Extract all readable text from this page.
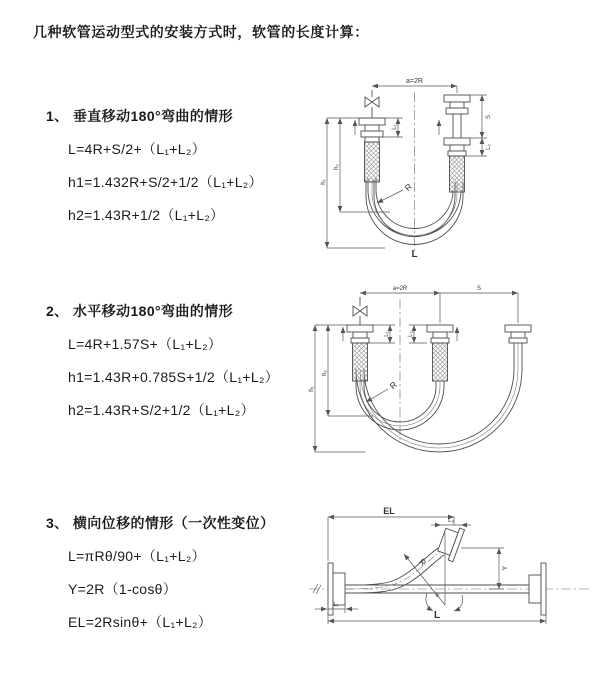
几种软管运动型式的安装方式时，软管的长度计算：
1、 垂直移动180°弯曲的情形
L=4R+S/2+（L₁+L₂）
h1=1.432R+S/2+1/2（L₁+L₂）
h2=1.43R+1/2（L₁+L₂）
2、 水平移动180°弯曲的情形
L=4R+1.57S+（L₁+L₂）
h1=1.43R+0.785S+1/2（L₁+L₂）
h2=1.43R+S/2+1/2（L₁+L₂）
3、 横向位移的情形（一次性变位）
L=πRθ/90+（L₁+L₂）
Y=2R（1-cosθ）
EL=2Rsinθ+（L₁+L₂）
a=2R
L₁
S
L₂
h₁
h₂
R
L
a=2R	S
L₁	L₂
h₁
h₂
R
θ
R
EL
L₂
Y
L₁
L
